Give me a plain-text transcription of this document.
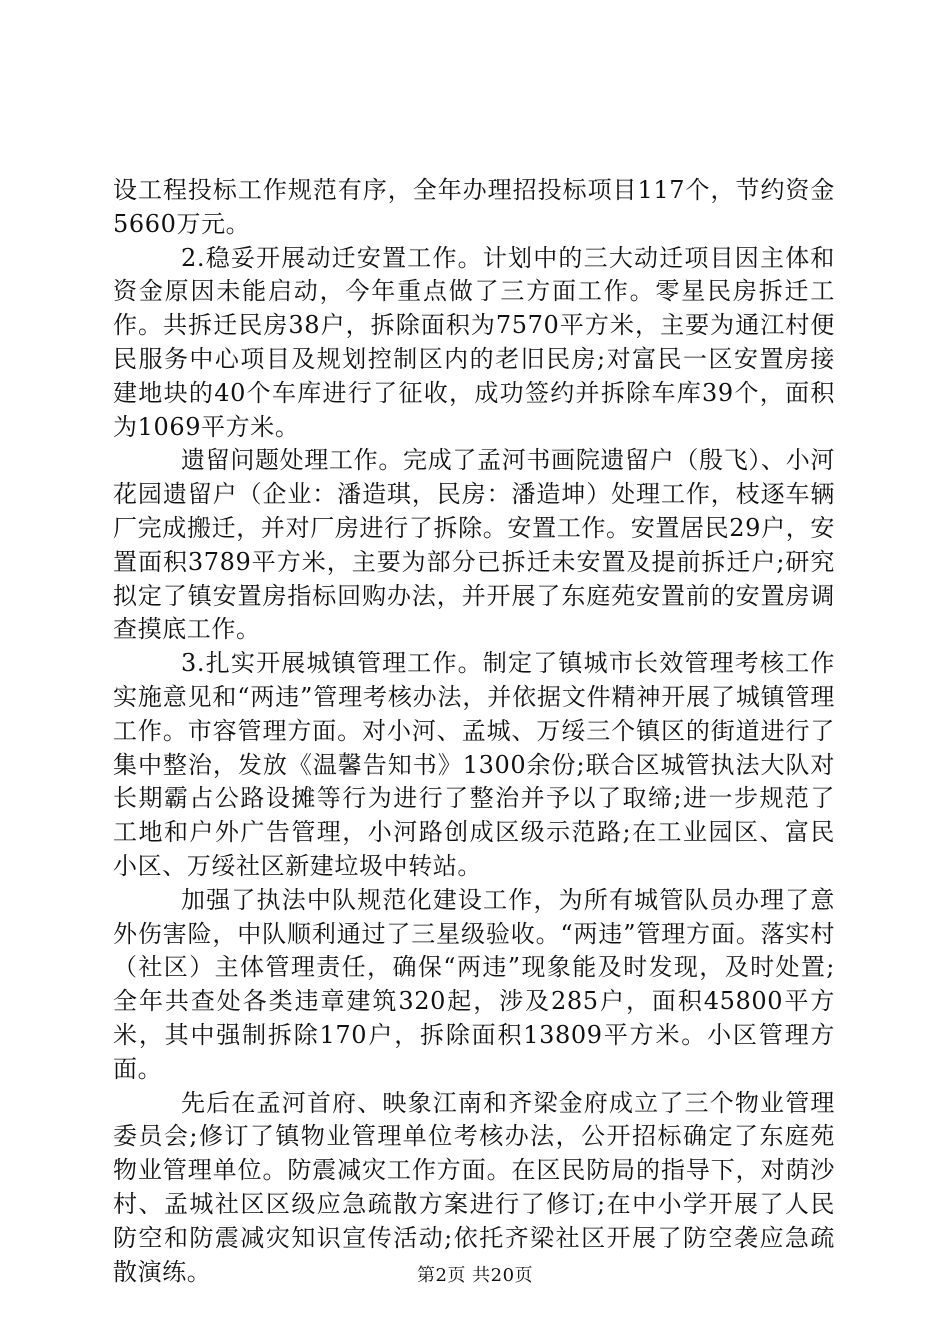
设工程投标工作规范有序，全年办理招投标项目117个，节约资金5660万元。

2.稳妥开展动迁安置工作。计划中的三大动迁项目因主体和资金原因未能启动，今年重点做了三方面工作。零星民房拆迁工作。共拆迁民房38户，拆除面积为7570平方米，主要为通江村便民服务中心项目及规划控制区内的老旧民房;对富民一区安置房接建地块的40个车库进行了征收，成功签约并拆除车库39个，面积为1069平方米。

遗留问题处理工作。完成了孟河书画院遗留户（殷飞）、小河花园遗留户（企业：潘造琪，民房：潘造坤）处理工作，枝逐车辆厂完成搬迁，并对厂房进行了拆除。安置工作。安置居民29户，安置面积3789平方米，主要为部分已拆迁未安置及提前拆迁户;研究拟定了镇安置房指标回购办法，并开展了东庭苑安置前的安置房调查摸底工作。

3.扎实开展城镇管理工作。制定了镇城市长效管理考核工作实施意见和“两违”管理考核办法，并依据文件精神开展了城镇管理工作。市容管理方面。对小河、孟城、万绥三个镇区的街道进行了集中整治，发放《温馨告知书》1300余份;联合区城管执法大队对长期霸占公路设摊等行为进行了整治并予以了取缔;进一步规范了工地和户外广告管理，小河路创成区级示范路;在工业园区、富民小区、万绥社区新建垃圾中转站。

加强了执法中队规范化建设工作，为所有城管队员办理了意外伤害险，中队顺利通过了三星级验收。“两违”管理方面。落实村（社区）主体管理责任，确保“两违”现象能及时发现，及时处置;全年共查处各类违章建筑320起，涉及285户，面积45800平方米，其中强制拆除170户，拆除面积13809平方米。小区管理方面。

先后在孟河首府、映象江南和齐梁金府成立了三个物业管理委员会;修订了镇物业管理单位考核办法，公开招标确定了东庭苑物业管理单位。防震减灾工作方面。在区民防局的指导下，对荫沙村、孟城社区区级应急疏散方案进行了修订;在中小学开展了人民防空和防震减灾知识宣传活动;依托齐梁社区开展了防空袭应急疏散演练。	第2页 共20页
